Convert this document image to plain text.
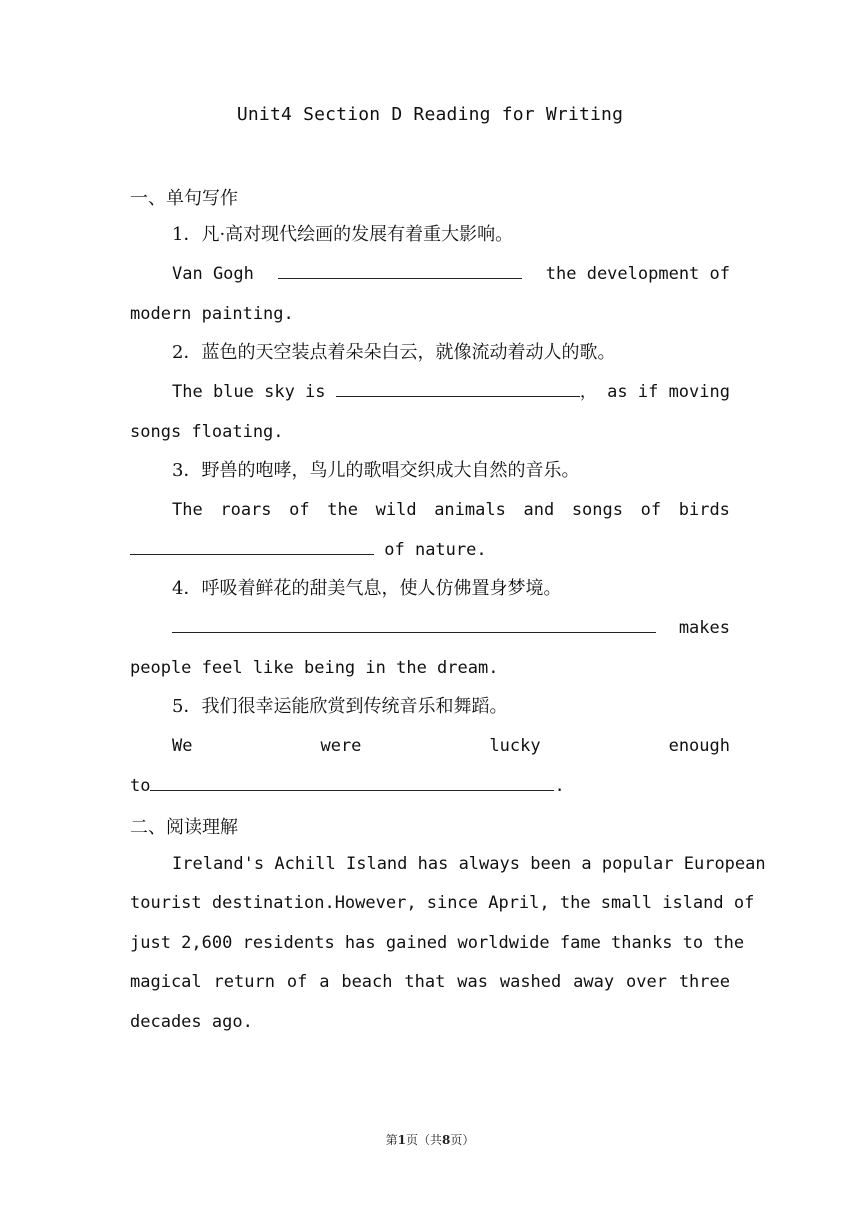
Unit4 Section D Reading for Writing
一、单句写作
1．凡·高对现代绘画的发展有着重大影响。
Van Gogh	the development of
modern painting.
2．蓝色的天空装点着朵朵白云，就像流动着动人的歌。
The blue sky is	， as if moving
songs floating.
3．野兽的咆哮，鸟儿的歌唱交织成大自然的音乐。
The roars of the wild animals and songs of birds
of nature.
4．呼吸着鲜花的甜美气息，使人仿佛置身梦境。
makes
people feel like being in the dream.
5．我们很幸运能欣赏到传统音乐和舞蹈。
We	were	lucky	enough
to	.
二、阅读理解
Ireland's Achill Island has always been a popular European
tourist destination.However, since April, the small island of
just 2,600 residents has gained worldwide fame thanks to the
magical return of a beach that was washed away over three
decades ago.
第1页（共8页）
